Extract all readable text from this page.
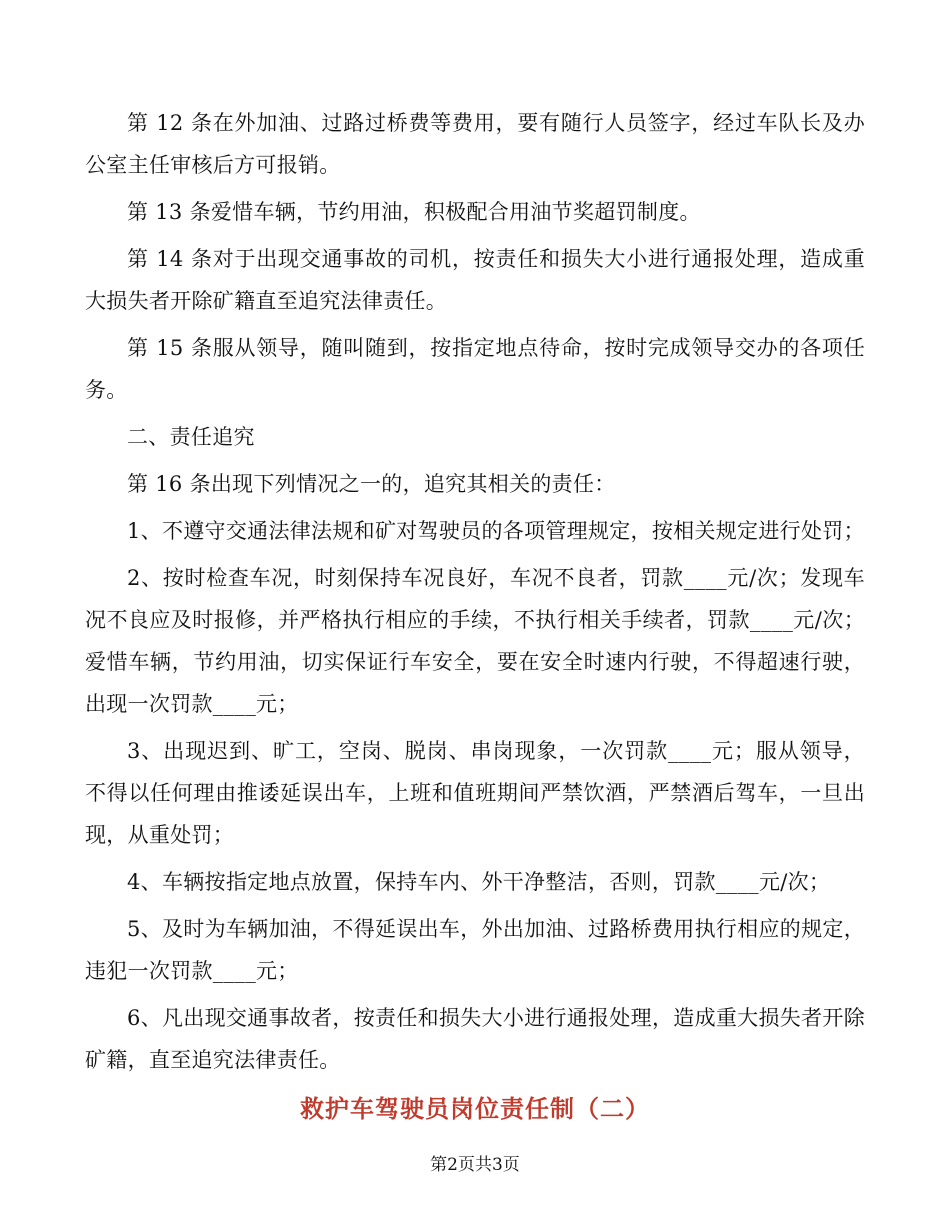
第 12 条在外加油、过路过桥费等费用，要有随行人员签字，经过车队长及办公室主任审核后方可报销。

第 13 条爱惜车辆，节约用油，积极配合用油节奖超罚制度。

第 14 条对于出现交通事故的司机，按责任和损失大小进行通报处理，造成重大损失者开除矿籍直至追究法律责任。

第 15 条服从领导，随叫随到，按指定地点待命，按时完成领导交办的各项任务。

二、责任追究

第 16 条出现下列情况之一的，追究其相关的责任：

1、不遵守交通法律法规和矿对驾驶员的各项管理规定，按相关规定进行处罚；

2、按时检查车况，时刻保持车况良好，车况不良者，罚款____元/次；发现车况不良应及时报修，并严格执行相应的手续，不执行相关手续者，罚款____元/次；爱惜车辆，节约用油，切实保证行车安全，要在安全时速内行驶，不得超速行驶，出现一次罚款____元；

3、出现迟到、旷工，空岗、脱岗、串岗现象，一次罚款____元；服从领导，不得以任何理由推诿延误出车，上班和值班期间严禁饮酒，严禁酒后驾车，一旦出现，从重处罚；

4、车辆按指定地点放置，保持车内、外干净整洁，否则，罚款____元/次；

5、及时为车辆加油，不得延误出车，外出加油、过路桥费用执行相应的规定，违犯一次罚款____元；

6、凡出现交通事故者，按责任和损失大小进行通报处理，造成重大损失者开除矿籍，直至追究法律责任。

救护车驾驶员岗位责任制（二）
第2页共3页
